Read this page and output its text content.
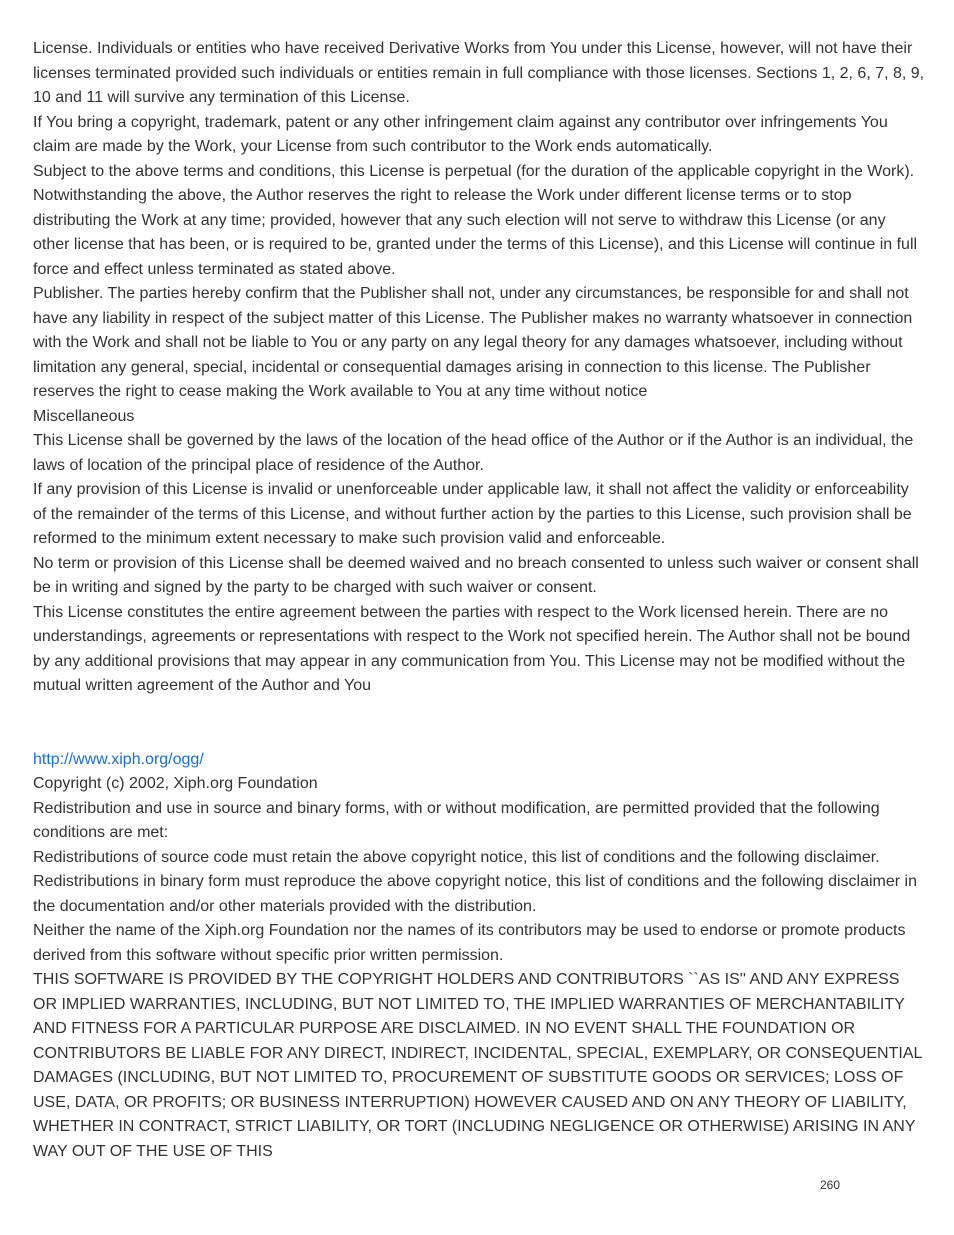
License. Individuals or entities who have received Derivative Works from You under this License, however, will not have their licenses terminated provided such individuals or entities remain in full compliance with those licenses. Sections 1, 2, 6, 7, 8, 9, 10 and 11 will survive any termination of this License.

If You bring a copyright, trademark, patent or any other infringement claim against any contributor over infringements You claim are made by the Work, your License from such contributor to the Work ends automatically.

Subject to the above terms and conditions, this License is perpetual (for the duration of the applicable copyright in the Work). Notwithstanding the above, the Author reserves the right to release the Work under different license terms or to stop distributing the Work at any time; provided, however that any such election will not serve to withdraw this License (or any other license that has been, or is required to be, granted under the terms of this License), and this License will continue in full force and effect unless terminated as stated above.

Publisher. The parties hereby confirm that the Publisher shall not, under any circumstances, be responsible for and shall not have any liability in respect of the subject matter of this License. The Publisher makes no warranty whatsoever in connection with the Work and shall not be liable to You or any party on any legal theory for any damages whatsoever, including without limitation any general, special, incidental or consequential damages arising in connection to this license. The Publisher reserves the right to cease making the Work available to You at any time without notice

Miscellaneous

This License shall be governed by the laws of the location of the head office of the Author or if the Author is an individual, the laws of location of the principal place of residence of the Author.

If any provision of this License is invalid or unenforceable under applicable law, it shall not affect the validity or enforceability of the remainder of the terms of this License, and without further action by the parties to this License, such provision shall be reformed to the minimum extent necessary to make such provision valid and enforceable.

No term or provision of this License shall be deemed waived and no breach consented to unless such waiver or consent shall be in writing and signed by the party to be charged with such waiver or consent.

This License constitutes the entire agreement between the parties with respect to the Work licensed herein. There are no understandings, agreements or representations with respect to the Work not specified herein. The Author shall not be bound by any additional provisions that may appear in any communication from You. This License may not be modified without the mutual written agreement of the Author and You

http://www.xiph.org/ogg/

Copyright (c) 2002, Xiph.org Foundation

Redistribution and use in source and binary forms, with or without modification, are permitted provided that the following conditions are met:

Redistributions of source code must retain the above copyright notice, this list of conditions and the following disclaimer.

Redistributions in binary form must reproduce the above copyright notice, this list of conditions and the following disclaimer in the documentation and/or other materials provided with the distribution.

Neither the name of the Xiph.org Foundation nor the names of its contributors may be used to endorse or promote products derived from this software without specific prior written permission.

THIS SOFTWARE IS PROVIDED BY THE COPYRIGHT HOLDERS AND CONTRIBUTORS ``AS IS'' AND ANY EXPRESS OR IMPLIED WARRANTIES, INCLUDING, BUT NOT LIMITED TO, THE IMPLIED WARRANTIES OF MERCHANTABILITY AND FITNESS FOR A PARTICULAR PURPOSE ARE DISCLAIMED. IN NO EVENT SHALL THE FOUNDATION OR CONTRIBUTORS BE LIABLE FOR ANY DIRECT, INDIRECT, INCIDENTAL, SPECIAL, EXEMPLARY, OR CONSEQUENTIAL DAMAGES (INCLUDING, BUT NOT LIMITED TO, PROCUREMENT OF SUBSTITUTE GOODS OR SERVICES; LOSS OF USE, DATA, OR PROFITS; OR BUSINESS INTERRUPTION) HOWEVER CAUSED AND ON ANY THEORY OF LIABILITY, WHETHER IN CONTRACT, STRICT LIABILITY, OR TORT (INCLUDING NEGLIGENCE OR OTHERWISE) ARISING IN ANY WAY OUT OF THE USE OF THIS

260
